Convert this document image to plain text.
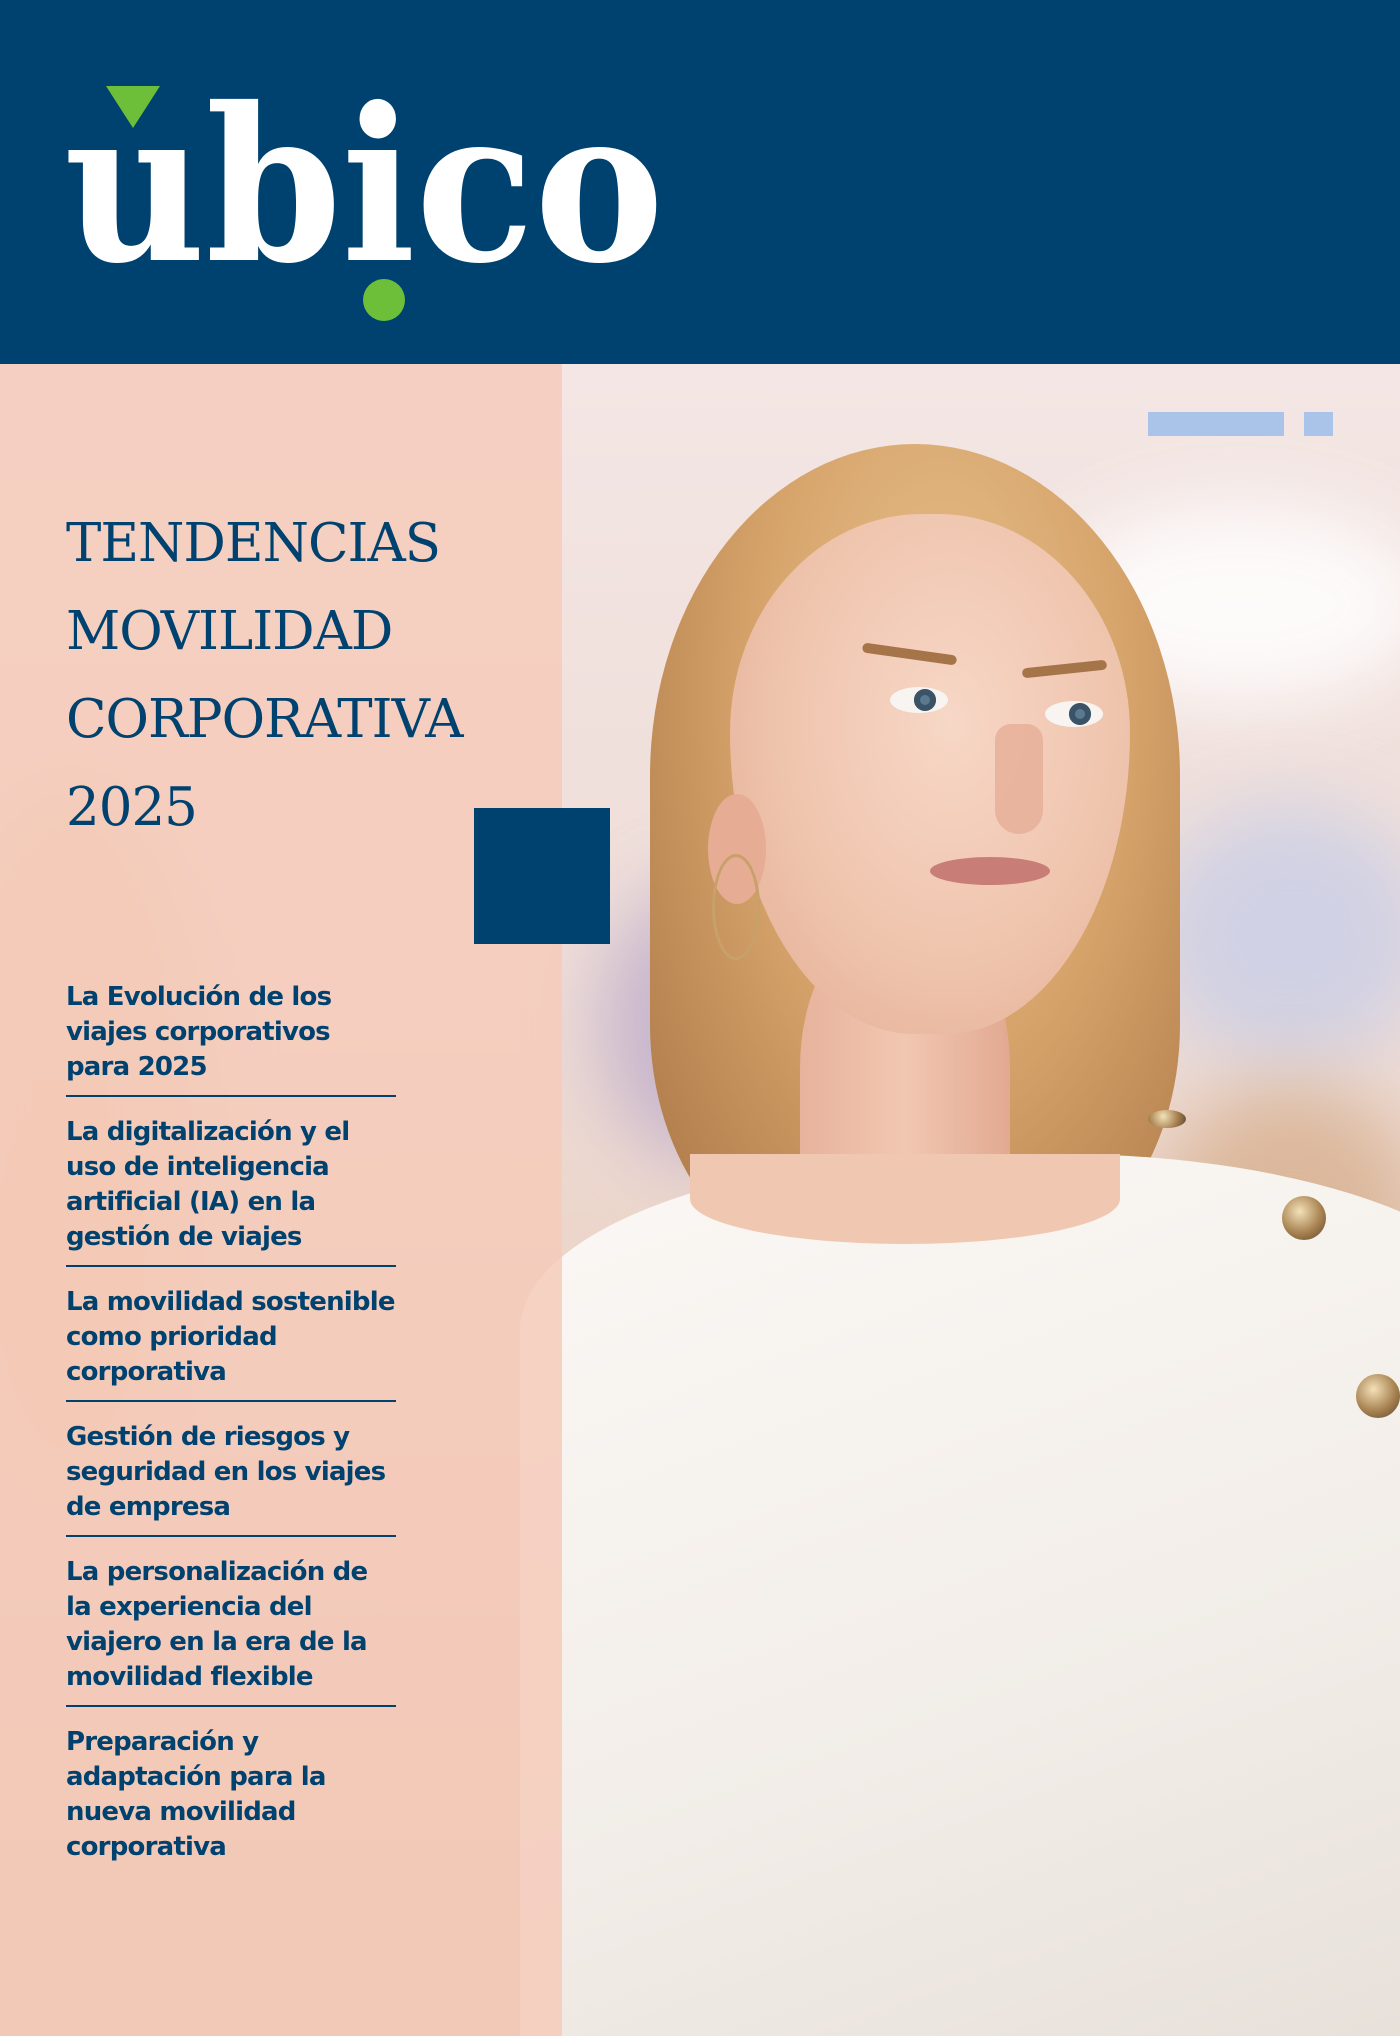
ubico
TENDENCIAS
MOVILIDAD
CORPORATIVA
2025
La Evolución de los viajes corporativos para 2025
La digitalización y el uso de inteligencia artificial (IA) en la gestión de viajes
La movilidad sostenible como prioridad corporativa
Gestión de riesgos y seguridad en los viajes de empresa
La personalización de la experiencia del viajero en la era de la movilidad flexible
Preparación y adaptación para la nueva movilidad corporativa
